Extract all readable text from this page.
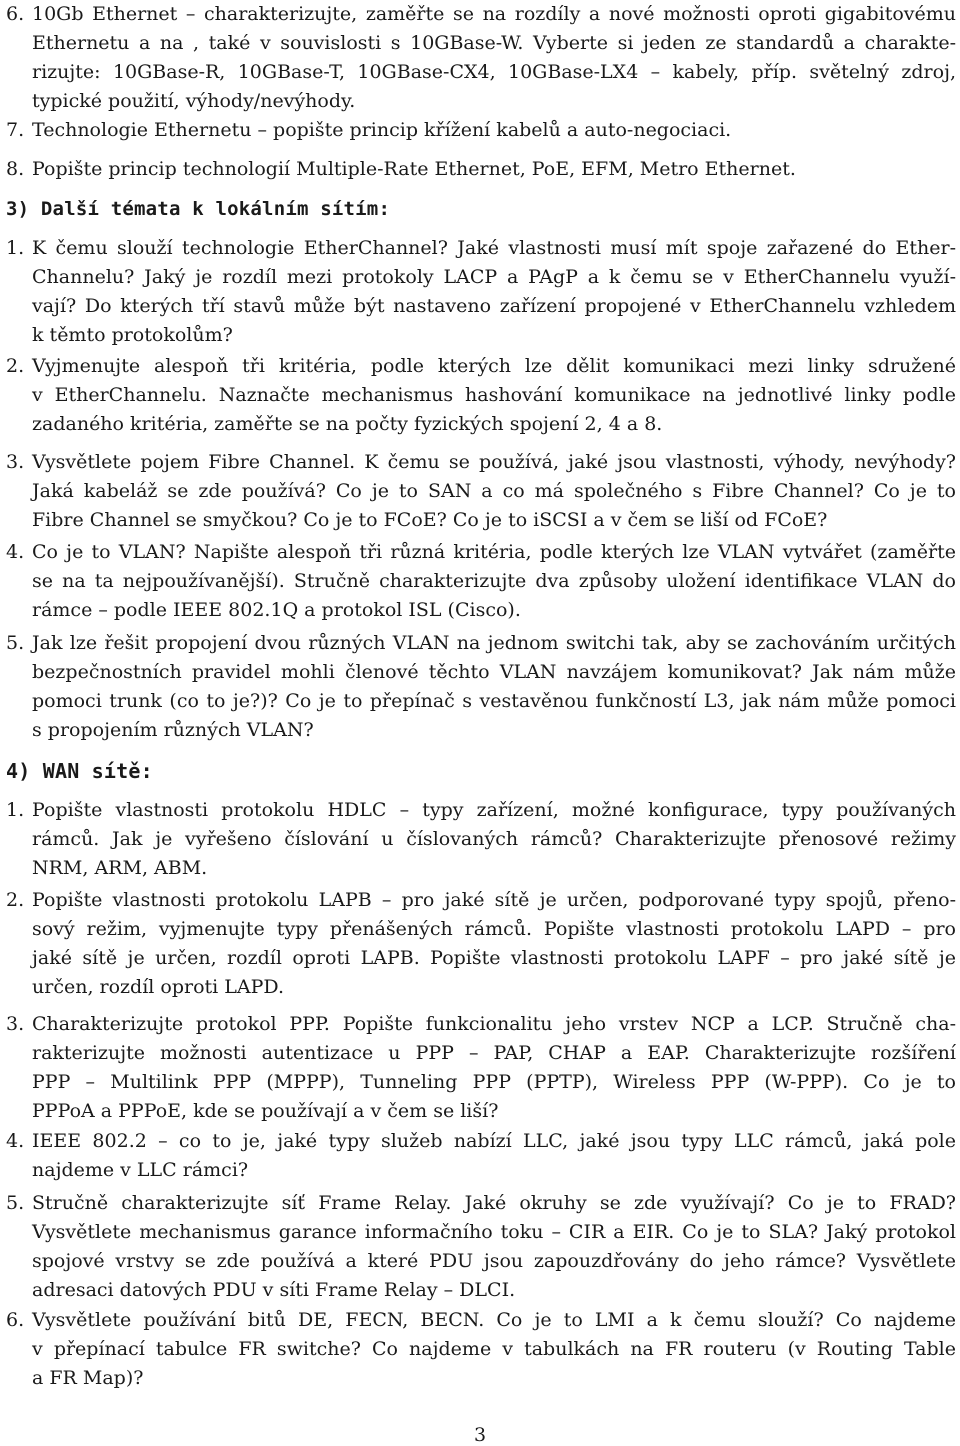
6. 10Gb Ethernet – charakterizujte, zaměřte se na rozdíly a nové možnosti oproti gigabitovému
Ethernetu a na , také v souvislosti s 10GBase-W. Vyberte si jeden ze standardů a charakte-
rizujte: 10GBase-R, 10GBase-T, 10GBase-CX4, 10GBase-LX4 – kabely, příp. světelný zdroj,
typické použití, výhody/nevýhody.
7. Technologie Ethernetu – popište princip křížení kabelů a auto-negociaci.
8. Popište princip technologií Multiple-Rate Ethernet, PoE, EFM, Metro Ethernet.
3) Další témata k lokálním sítím:
1. K čemu slouží technologie EtherChannel? Jaké vlastnosti musí mít spoje zařazené do Ether-
Channelu? Jaký je rozdíl mezi protokoly LACP a PAgP a k čemu se v EtherChannelu využí-
vají? Do kterých tří stavů může být nastaveno zařízení propojené v EtherChannelu vzhledem
k těmto protokolům?
2. Vyjmenujte alespoň tři kritéria, podle kterých lze dělit komunikaci mezi linky sdružené
v EtherChannelu. Naznačte mechanismus hashování komunikace na jednotlivé linky podle
zadaného kritéria, zaměřte se na počty fyzických spojení 2, 4 a 8.
3. Vysvětlete pojem Fibre Channel. K čemu se používá, jaké jsou vlastnosti, výhody, nevýhody?
Jaká kabeláž se zde používá? Co je to SAN a co má společného s Fibre Channel? Co je to
Fibre Channel se smyčkou? Co je to FCoE? Co je to iSCSI a v čem se liší od FCoE?
4. Co je to VLAN? Napište alespoň tři různá kritéria, podle kterých lze VLAN vytvářet (zaměřte
se na ta nejpoužívanější). Stručně charakterizujte dva způsoby uložení identifikace VLAN do
rámce – podle IEEE 802.1Q a protokol ISL (Cisco).
5. Jak lze řešit propojení dvou různých VLAN na jednom switchi tak, aby se zachováním určitých
bezpečnostních pravidel mohli členové těchto VLAN navzájem komunikovat? Jak nám může
pomoci trunk (co to je?)? Co je to přepínač s vestavěnou funkčností L3, jak nám může pomoci
s propojením různých VLAN?
4) WAN sítě:
1. Popište vlastnosti protokolu HDLC – typy zařízení, možné konfigurace, typy používaných
rámců. Jak je vyřešeno číslování u číslovaných rámců? Charakterizujte přenosové režimy
NRM, ARM, ABM.
2. Popište vlastnosti protokolu LAPB – pro jaké sítě je určen, podporované typy spojů, přeno-
sový režim, vyjmenujte typy přenášených rámců. Popište vlastnosti protokolu LAPD – pro
jaké sítě je určen, rozdíl oproti LAPB. Popište vlastnosti protokolu LAPF – pro jaké sítě je
určen, rozdíl oproti LAPD.
3. Charakterizujte protokol PPP. Popište funkcionalitu jeho vrstev NCP a LCP. Stručně cha-
rakterizujte možnosti autentizace u PPP – PAP, CHAP a EAP. Charakterizujte rozšíření
PPP – Multilink PPP (MPPP), Tunneling PPP (PPTP), Wireless PPP (W-PPP). Co je to
PPPoA a PPPoE, kde se používají a v čem se liší?
4. IEEE 802.2 – co to je, jaké typy služeb nabízí LLC, jaké jsou typy LLC rámců, jaká pole
najdeme v LLC rámci?
5. Stručně charakterizujte síť Frame Relay. Jaké okruhy se zde využívají? Co je to FRAD?
Vysvětlete mechanismus garance informačního toku – CIR a EIR. Co je to SLA? Jaký protokol
spojové vrstvy se zde používá a které PDU jsou zapouzdřovány do jeho rámce? Vysvětlete
adresaci datových PDU v síti Frame Relay – DLCI.
6. Vysvětlete používání bitů DE, FECN, BECN. Co je to LMI a k čemu slouží? Co najdeme
v přepínací tabulce FR switche? Co najdeme v tabulkách na FR routeru (v Routing Table
a FR Map)?
3
